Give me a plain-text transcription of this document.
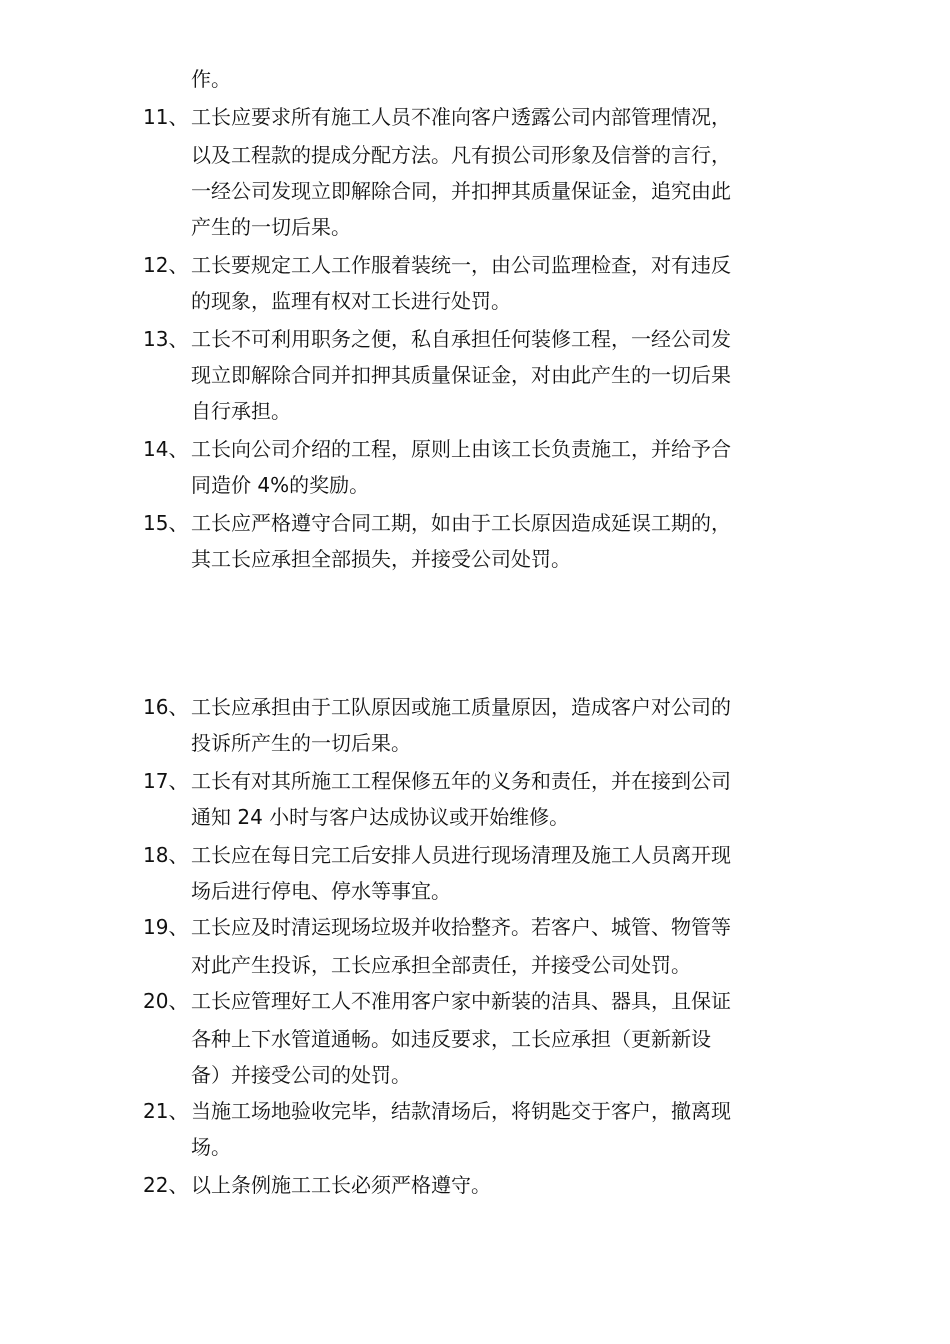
作。
11、 工长应要求所有施工人员不准向客户透露公司内部管理情况，
以及工程款的提成分配方法。凡有损公司形象及信誉的言行，
一经公司发现立即解除合同，并扣押其质量保证金，追究由此
产生的一切后果。
12、 工长要规定工人工作服着装统一，由公司监理检查，对有违反
的现象，监理有权对工长进行处罚。
13、 工长不可利用职务之便，私自承担任何装修工程，一经公司发
现立即解除合同并扣押其质量保证金，对由此产生的一切后果
自行承担。
14、 工长向公司介绍的工程，原则上由该工长负责施工，并给予合
同造价 4%的奖励。
15、 工长应严格遵守合同工期，如由于工长原因造成延误工期的，
其工长应承担全部损失，并接受公司处罚。
16、 工长应承担由于工队原因或施工质量原因，造成客户对公司的
投诉所产生的一切后果。
17、 工长有对其所施工工程保修五年的义务和责任，并在接到公司
通知 24 小时与客户达成协议或开始维修。
18、 工长应在每日完工后安排人员进行现场清理及施工人员离开现
场后进行停电、停水等事宜。
19、 工长应及时清运现场垃圾并收拾整齐。若客户、城管、物管等
对此产生投诉，工长应承担全部责任，并接受公司处罚。
20、 工长应管理好工人不准用客户家中新装的洁具、器具，且保证
各种上下水管道通畅。如违反要求，工长应承担（更新新设
备）并接受公司的处罚。
21、 当施工场地验收完毕，结款清场后，将钥匙交于客户，撤离现
场。
22、 以上条例施工工长必须严格遵守。
